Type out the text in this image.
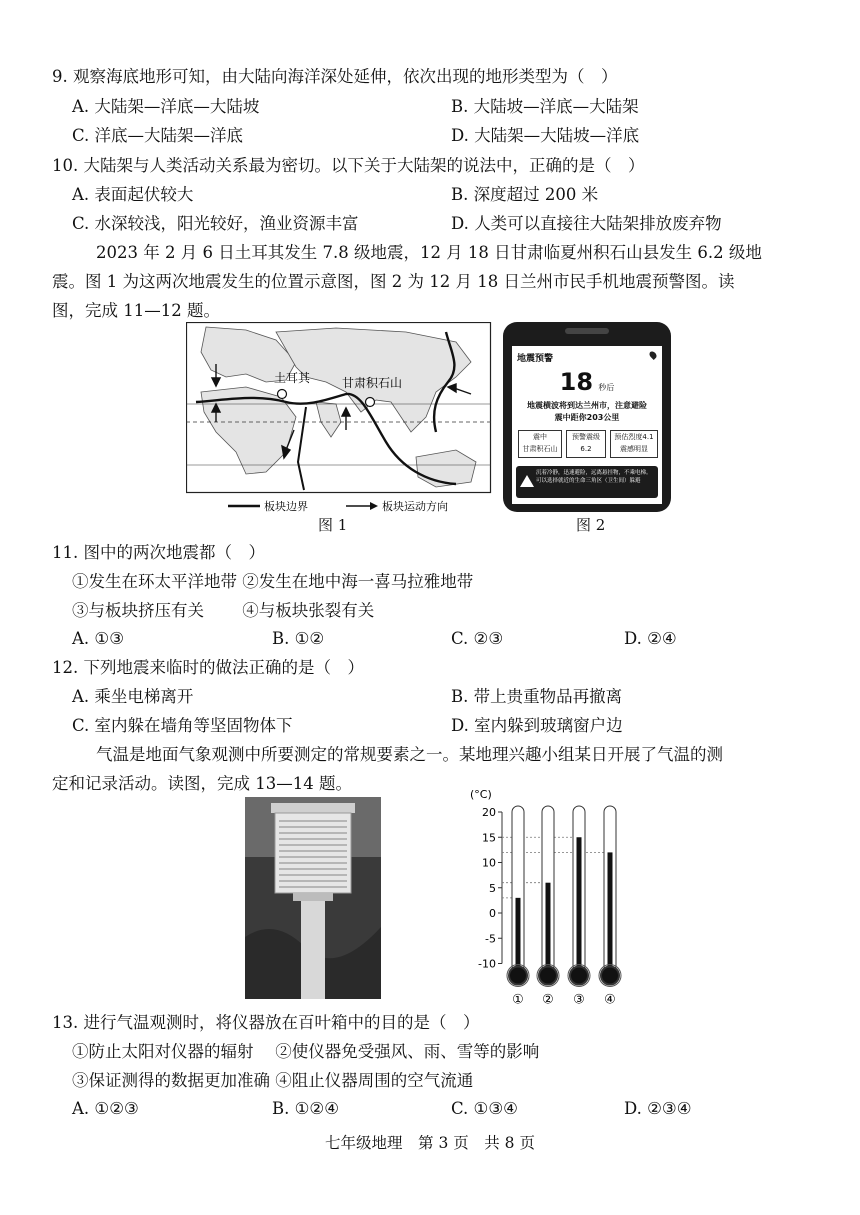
9. 观察海底地形可知，由大陆向海洋深处延伸，依次出现的地形类型为（　）
A. 大陆架—洋底—大陆坡	B. 大陆坡—洋底—大陆架
C. 洋底—大陆架—洋底	D. 大陆架—大陆坡—洋底
10. 大陆架与人类活动关系最为密切。以下关于大陆架的说法中，正确的是（　）
A. 表面起伏较大	B. 深度超过 200 米
C. 水深较浅，阳光较好，渔业资源丰富	D. 人类可以直接往大陆架排放废弃物
2023 年 2 月 6 日土耳其发生 7.8 级地震，12 月 18 日甘肃临夏州积石山县发生 6.2 级地
震。图 1 为这两次地震发生的位置示意图，图 2 为 12 月 18 日兰州市民手机地震预警图。读
图，完成 11—12 题。
土耳其	甘肃积石山
板块边界	板块运动方向
图 1
地震预警
18 秒后
地震横波将到达兰州市，注意避险
震中距你203公里
震中
甘肃积石山
预警震级
6.2
预估烈度4.1
震感明显
沉着冷静，迅速避险，远离悬挂物，不乘电梯。可以选择就近的生命三角区（卫生间）躲避
图 2
11. 图中的两次地震都（　）
①发生在环太平洋地带 ②发生在地中海一喜马拉雅地带
③与板块挤压有关　　 ④与板块张裂有关
A. ①③	B. ①②	C. ②③	D. ②④
12. 下列地震来临时的做法正确的是（　）
A. 乘坐电梯离开	B. 带上贵重物品再撤离
C. 室内躲在墙角等坚固物体下	D. 室内躲到玻璃窗户边
气温是地面气象观测中所要测定的常规要素之一。某地理兴趣小组某日开展了气温的测
定和记录活动。读图，完成 13—14 题。
(°C)
20
15
10
5
0
-5
-10
① ② ③ ④
13. 进行气温观测时，将仪器放在百叶箱中的目的是（　）
①防止太阳对仪器的辐射　 ②使仪器免受强风、雨、雪等的影响
③保证测得的数据更加准确 ④阻止仪器周围的空气流通
A. ①②③	B. ①②④	C. ①③④	D. ②③④
七年级地理　第 3 页　共 8 页
